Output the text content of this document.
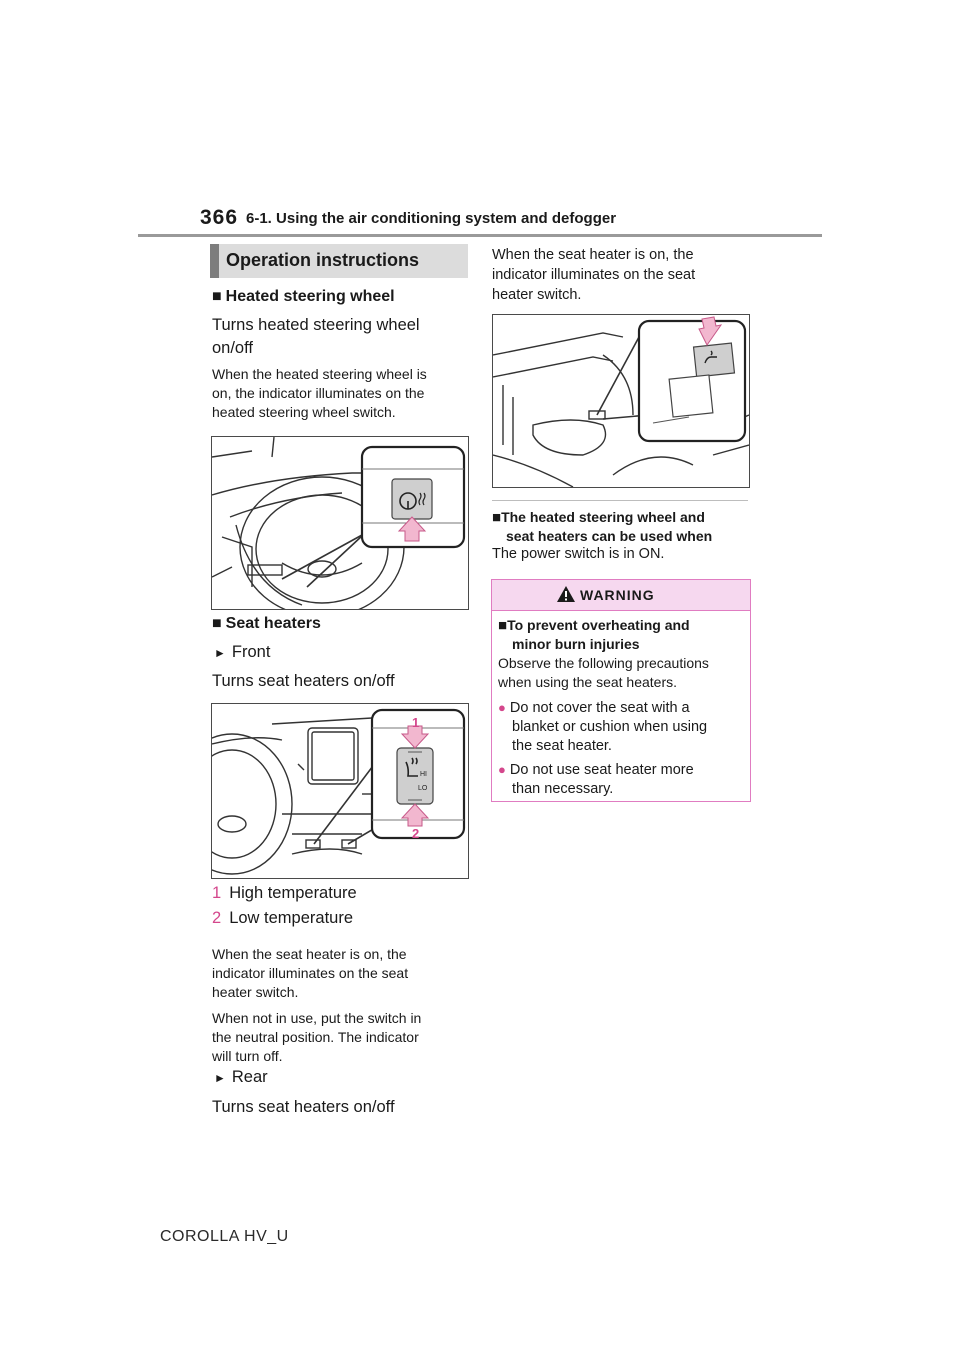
366 6-1. Using the air conditioning system and defogger
Operation instructions
■ Heated steering wheel
Turns heated steering wheel
on/off
When the heated steering wheel is
on, the indicator illuminates on the
heated steering wheel switch.
■ Seat heaters
► Front
Turns seat heaters on/off
HI
LO
1
2
1 High temperature
2 Low temperature
When the seat heater is on, the
indicator illuminates on the seat
heater switch.
When not in use, put the switch in
the neutral position. The indicator
will turn off.
► Rear
Turns seat heaters on/off
When the seat heater is on, the
indicator illuminates on the seat
heater switch.
■The heated steering wheel and
seat heaters can be used when
The power switch is in ON.
WARNING
■To prevent overheating and
minor burn injuries
Observe the following precautions
when using the seat heaters.
● Do not cover the seat with a
blanket or cushion when using
the seat heater.
● Do not use seat heater more
than necessary.
COROLLA HV_U
